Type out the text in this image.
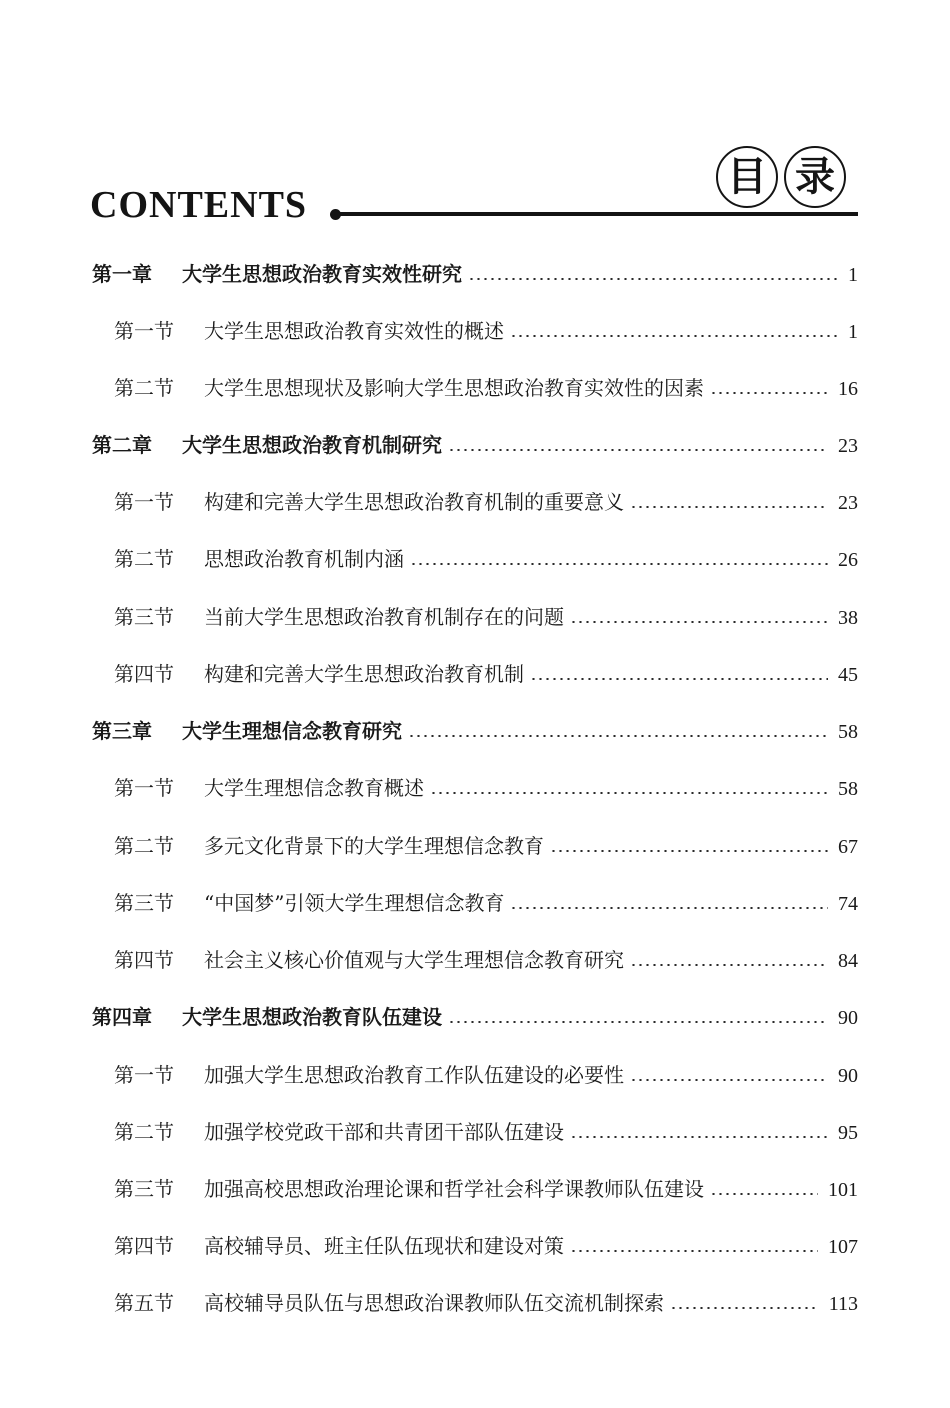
CONTENTS
目 录
第一章	大学生思想政治教育实效性研究	1
第一节	大学生思想政治教育实效性的概述	1
第二节	大学生思想现状及影响大学生思想政治教育实效性的因素	16
第二章	大学生思想政治教育机制研究	23
第一节	构建和完善大学生思想政治教育机制的重要意义	23
第二节	思想政治教育机制内涵	26
第三节	当前大学生思想政治教育机制存在的问题	38
第四节	构建和完善大学生思想政治教育机制	45
第三章	大学生理想信念教育研究	58
第一节	大学生理想信念教育概述	58
第二节	多元文化背景下的大学生理想信念教育	67
第三节	“中国梦”引领大学生理想信念教育	74
第四节	社会主义核心价值观与大学生理想信念教育研究	84
第四章	大学生思想政治教育队伍建设	90
第一节	加强大学生思想政治教育工作队伍建设的必要性	90
第二节	加强学校党政干部和共青团干部队伍建设	95
第三节	加强高校思想政治理论课和哲学社会科学课教师队伍建设	101
第四节	高校辅导员、班主任队伍现状和建设对策	107
第五节	高校辅导员队伍与思想政治课教师队伍交流机制探索	113
